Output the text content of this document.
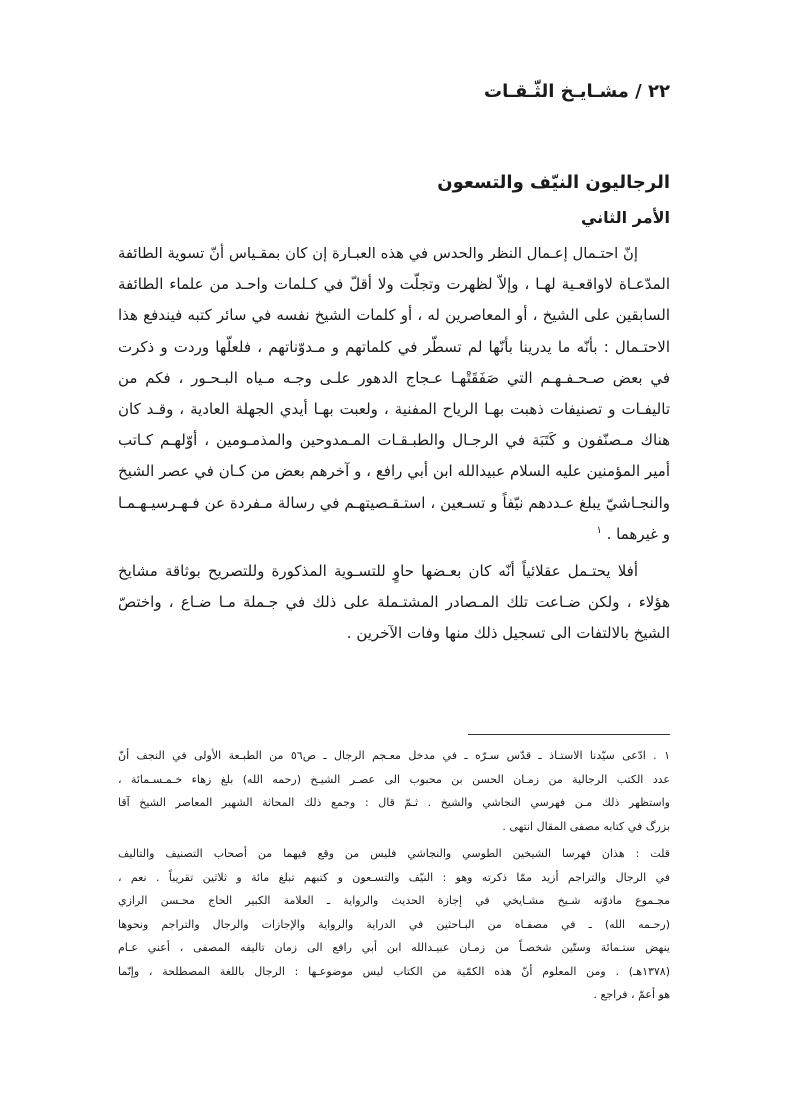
٢٢ / مشـايـخ الثّـقـات
الرجاليون النيّف والتسعون
الأمر الثاني

إنّ احتـمال إعـمال النظر والحدس في هذه العبـارة إن كان بمقـياس أنّ تسوية الطائفة
المدّعـاة لاواقعـية لهـا ، وإلاّ لظهرت وتجلّت ولا أقلّ في كـلمات واحـد من علماء الطائفة
السابقين على الشيخ ، أو المعاصرين له ، أو كلمات الشيخ نفسه في سائر كتبه فيندفع هذا
الاحتـمال : بأنّه ما يدرينا بأنّها لم تسطّر في كلماتهم و مـدوّناتهم ، فلعلّها وردت و ذكرت
في بعض صـحـفـهـم التي صَفَقَتْهـا عـجاج الدهور علـى وجـه مـياه البـحـور ، فكم من
تاليفـات و تصنيفات ذهبت بهـا الرياح المفنية ، ولعبت بهـا أيدي الجهلة العادية ، وقـد كان
هناك مـصنّفون و كَتَبَة في الرجـال والطبـقـات المـمدوحين والمذمـومين ، أوّلهـم كـاتب
أمير المؤمنين عليه السلام عبيدالله ابن أبي رافع ، و آخرهم بعض من كـان في عصر الشيخ
والنجـاشيّ يبلغ عـددهم نيّفاً و تسـعين ، استـقـصيتهـم في رسالة مـفردة عن فـهـرسيـهـمـا
و غيرهما . $^١$

أفلا يحتـمل عقلائياً أنّه كان بعـضها حاوٍ للتسـوية المذكورة وللتصريح بوثاقة مشايخ
هؤلاء ، ولكن ضـاعت تلك المـصادر المشتـملة على ذلك في جـملة مـا ضـاع ، واختصّ
الشيخ بالالتفات الى تسجيل ذلك منها وفات الآخرين .

١ . ادّعى سيّدنا الاستـاذ ـ قدّس سـرّه ـ في مدخل معـجم الرجال ـ ص٥٦ من الطبـعة الأولى في النجف أنّ
عدد الكتب الرجالية من زمـان الحسن بن محبوب الى عصـر الشيـخ (رحمه الله) بلغ زهاء خـمـسـمائة ،
واستظهر ذلك مـن فهرسي النجاشي والشيخ . ثـمّ قال : وجمع ذلك المحاثة الشهير المعاصر الشيخ آقا
بزرگ في كتابه مصفى المقال انتهى .
قلت : هذان فهرسا الشيخين الطوسي والنجاشي فليس من وقع فيهما من أصحاب التصنيف والتاليف
في الرجال والتراجم أزيد ممّا ذكرته وهو : النيّف والتسـعون و كتبهم تبلغ مائة و ثلاثين تقريباً . نعم ،
مجـموع مادوّنه شـيخ مشـايخي في إجازة الحديث والرواية ـ العلامة الكبير الحاج محـسن الرازي
(رحـمه الله) ـ في مصفـاه من البـاحثين في الدراية والرواية والإجازات والرجال والتراجم ونحوها
ينهض ستـمائة وستّين شخصـاً من زمـان عبيـدالله ابن أبي رافع الى زمان تاليفه المصفى ، أعني عـام
(١٣٧٨هـ) . ومن المعلوم أنّ هذه الكمّية من الكتاب ليس موضوعـها : الرجال باللغة المصطلحة ، وإنّما
هو أعمّ ، فراجع .
